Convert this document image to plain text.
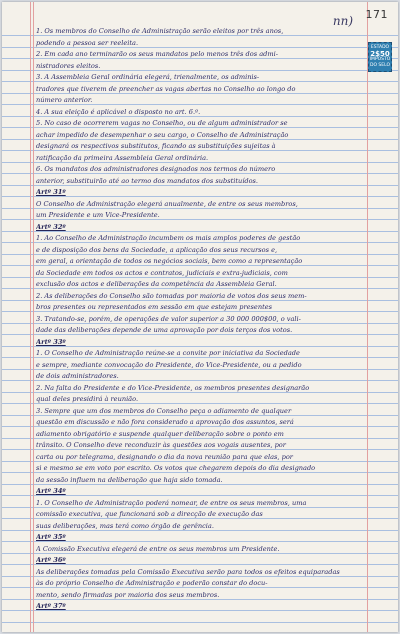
nn) 171
ESTADO
2$50
IMPOSTO DO SELO
1. Os membros do Conselho de Administração serão eleitos por três anos,
podendo a pessoa ser reeleita.
2. Em cada ano terminarão os seus mandatos pelo menos três dos admi-
nistradores eleitos.
3. A Assembleia Geral ordinária elegerá, trienalmente, os adminis-
tradores que tiverem de preencher as vagas abertas no Conselho ao longo do
número anterior.
4. A sua eleição é aplicável o disposto no art. 6.º.
5. No caso de ocorrerem vagas no Conselho, ou de algum administrador se
achar impedido de desempenhar o seu cargo, o Conselho de Administração
designará os respectivos substitutos, ficando as substituições sujeitas à
ratificação da primeira Assembleia Geral ordinária.
6. Os mandatos dos administradores designados nos termos do número
anterior, substituirão até ao termo dos mandatos dos substituídos.
Artº 31º
O Conselho de Administração elegerá anualmente, de entre os seus membros,
um Presidente e um Vice-Presidente.
Artº 32º
1. Ao Conselho de Administração incumbem os mais amplos poderes de gestão
e de disposição dos bens da Sociedade, a aplicação dos seus recursos e,
em geral, a orientação de todos os negócios sociais, bem como a representação
da Sociedade em todos os actos e contratos, judiciais e extra-judiciais, com
exclusão dos actos e deliberações da competência da Assembleia Geral.
2. As deliberações do Conselho são tomadas por maioria de votos dos seus mem-
bros presentes ou representados em sessão em que estejam presentes
3. Tratando-se, porém, de operações de valor superior a 30 000 000$00, o vali-
dade das deliberações depende de uma aprovação por dois terços dos votos.
Artº 33º
1. O Conselho de Administração reúne-se a convite por iniciativa da Sociedade
e sempre, mediante convocação do Presidente, do Vice-Presidente, ou a pedido
de dois administradores.
2. Na falta do Presidente e do Vice-Presidente, os membros presentes designarão
qual deles presidirá à reunião.
3. Sempre que um dos membros do Conselho peça o adiamento de qualquer
questão em discussão e não fora considerado a aprovação dos assuntos, será
adiamento obrigatório e suspende qualquer deliberação sobre o ponto em
trânsito. O Conselho deve reconduzir às questões aos vogais ausentes, por
carta ou por telegrama, designando o dia da nova reunião para que elas, por
si e mesmo se em voto por escrito. Os votos que chegarem depois do dia designado
da sessão influem na deliberação que haja sido tomada.
Artº 34º
1. O Conselho de Administração poderá nomear, de entre os seus membros, uma
comissão executiva, que funcionará sob a direcção de execução das
suas deliberações, mas terá como órgão de gerência.
Artº 35º
A Comissão Executiva elegerá de entre os seus membros um Presidente.
Artº 36º
As deliberações tomadas pela Comissão Executiva serão para todos os efeitos equiparadas
às do próprio Conselho de Administração e poderão constar do docu-
mento, sendo firmadas por maioria dos seus membros.
Artº 37º
